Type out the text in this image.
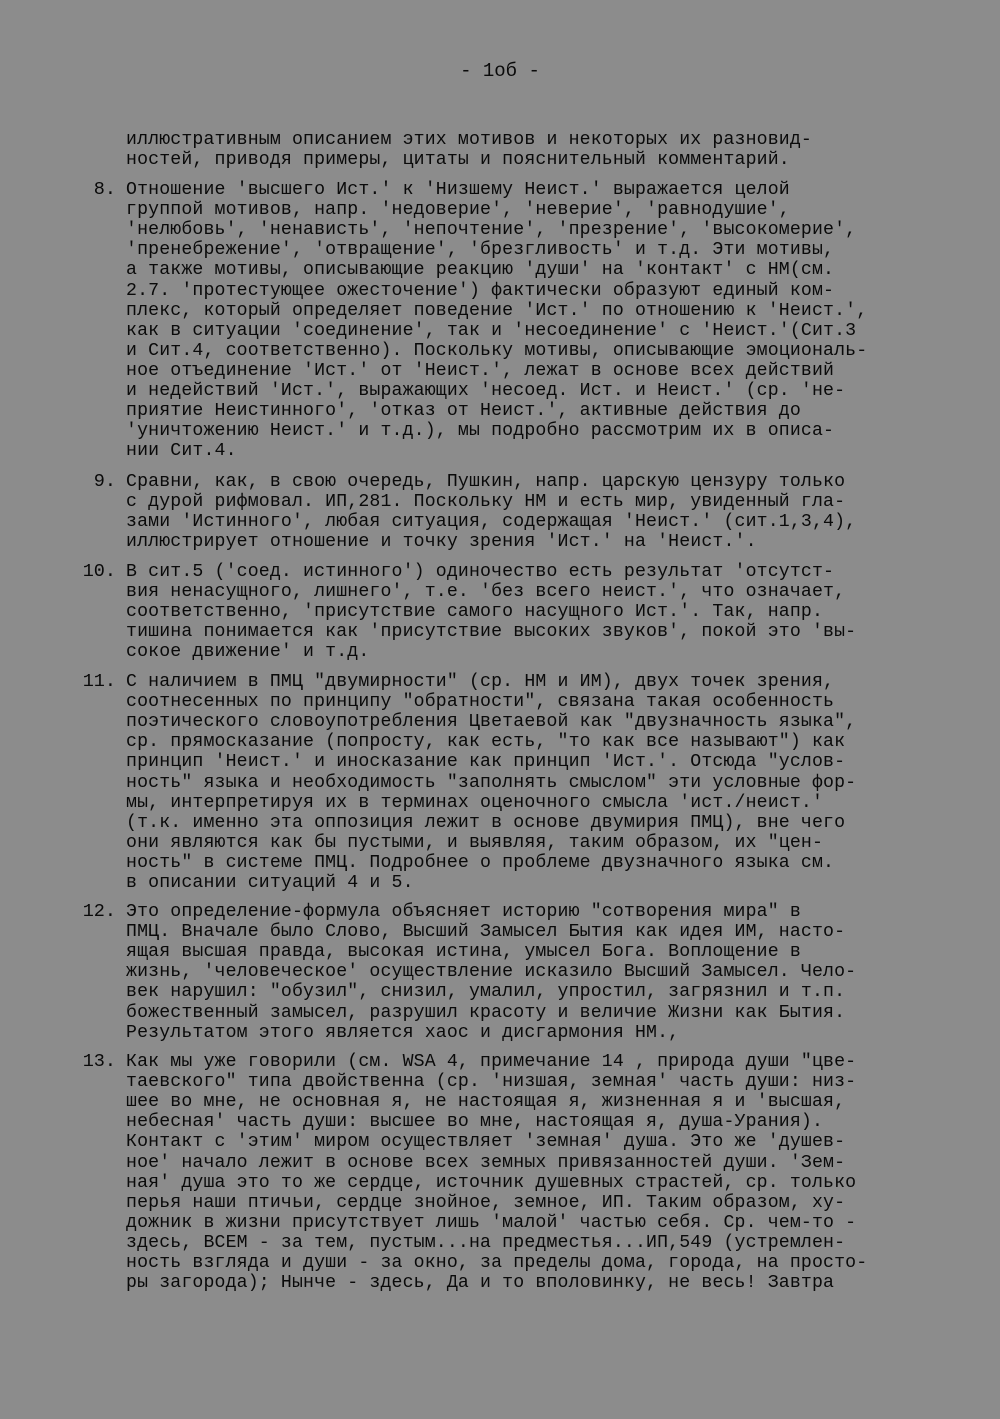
- 1об -
иллюстративным описанием этих мотивов и некоторых их разновид-
ностей, приводя примеры, цитаты и пояснительный комментарий.
8. Отношение 'высшего Ист.' к 'Низшему Неист.' выражается целой
группой мотивов, напр. 'недоверие', 'неверие', 'равнодушие',
'нелюбовь', 'ненависть', 'непочтение', 'презрение', 'высокомерие',
'пренебрежение', 'отвращение', 'брезгливость' и т.д. Эти мотивы,
а также мотивы, описывающие реакцию 'души' на 'контакт' с НМ(см.
2.7. 'протестующее ожесточение') фактически образуют единый ком-
плекс, который определяет поведение 'Ист.' по отношению к 'Неист.',
как в ситуации 'соединение', так и 'несоединение' с 'Неист.'(Сит.3
и Сит.4, соответственно). Поскольку мотивы, описывающие эмоциональ-
ное отъединение 'Ист.' от 'Неист.', лежат в основе всех действий
и недействий 'Ист.', выражающих 'несоед. Ист. и Неист.' (ср. 'не-
приятие Неистинного', 'отказ от Неист.', активные действия до
'уничтожению Неист.' и т.д.), мы подробно рассмотрим их в описа-
нии Сит.4.
9. Сравни, как, в свою очередь, Пушкин, напр. царскую цензуру только
с дурой рифмовал. ИП,281. Поскольку НМ и есть мир, увиденный гла-
зами 'Истинного', любая ситуация, содержащая 'Неист.' (сит.1,3,4),
иллюстрирует отношение и точку зрения 'Ист.' на 'Неист.'.
10. В сит.5 ('соед. истинного') одиночество есть результат 'отсутст-
вия ненасущного, лишнего', т.е. 'без всего неист.', что означает,
соответственно, 'присутствие самого насущного Ист.'. Так, напр.
тишина понимается как 'присутствие высоких звуков', покой это 'вы-
сокое движение' и т.д.
11. С наличием в ПМЦ "двумирности" (ср. НМ и ИМ), двух точек зрения,
соотнесенных по принципу "обратности", связана такая особенность
поэтического словоупотребления Цветаевой как "двузначность языка",
ср. прямосказание (попросту, как есть, "то как все называют") как
принцип 'Неист.' и иносказание как принцип 'Ист.'. Отсюда "услов-
ность" языка и необходимость "заполнять смыслом" эти условные фор-
мы, интерпретируя их в терминах оценочного смысла 'ист./неист.'
(т.к. именно эта оппозиция лежит в основе двумирия ПМЦ), вне чего
они являются как бы пустыми, и выявляя, таким образом, их "цен-
ность" в системе ПМЦ. Подробнее о проблеме двузначного языка см.
в описании ситуаций 4 и 5.
12. Это определение-формула объясняет историю "сотворения мира" в
ПМЦ. Вначале было Слово, Высший Замысел Бытия как идея ИМ, насто-
ящая высшая правда, высокая истина, умысел Бога. Воплощение в
жизнь, 'человеческое' осуществление исказило Высший Замысел. Чело-
век нарушил: "обузил", снизил, умалил, упростил, загрязнил и т.п.
божественный замысел, разрушил красоту и величие Жизни как Бытия.
Результатом этого является хаос и дисгармония НМ.,
13. Как мы уже говорили (см. WSA 4, примечание 14 , природа души "цве-
таевского" типа двойственна (ср. 'низшая, земная' часть души: низ-
шее во мне, не основная я, не настоящая я, жизненная я и 'высшая,
небесная' часть души: высшее во мне, настоящая я, душа-Урания).
Контакт с 'этим' миром осуществляет 'земная' душа. Это же 'душев-
ное' начало лежит в основе всех земных привязанностей души. 'Зем-
ная' душа это то же сердце, источник душевных страстей, ср. только
перья наши птичьи, сердце знойное, земное, ИП. Таким образом, ху-
дожник в жизни присутствует лишь 'малой' частью себя. Ср. чем-то -
здесь, ВСЕМ - за тем, пустым...на предместья...ИП,549 (устремлен-
ность взгляда и души - за окно, за пределы дома, города, на просто-
ры загорода); Нынче - здесь, Да и то вполовинку, не весь! Завтра
